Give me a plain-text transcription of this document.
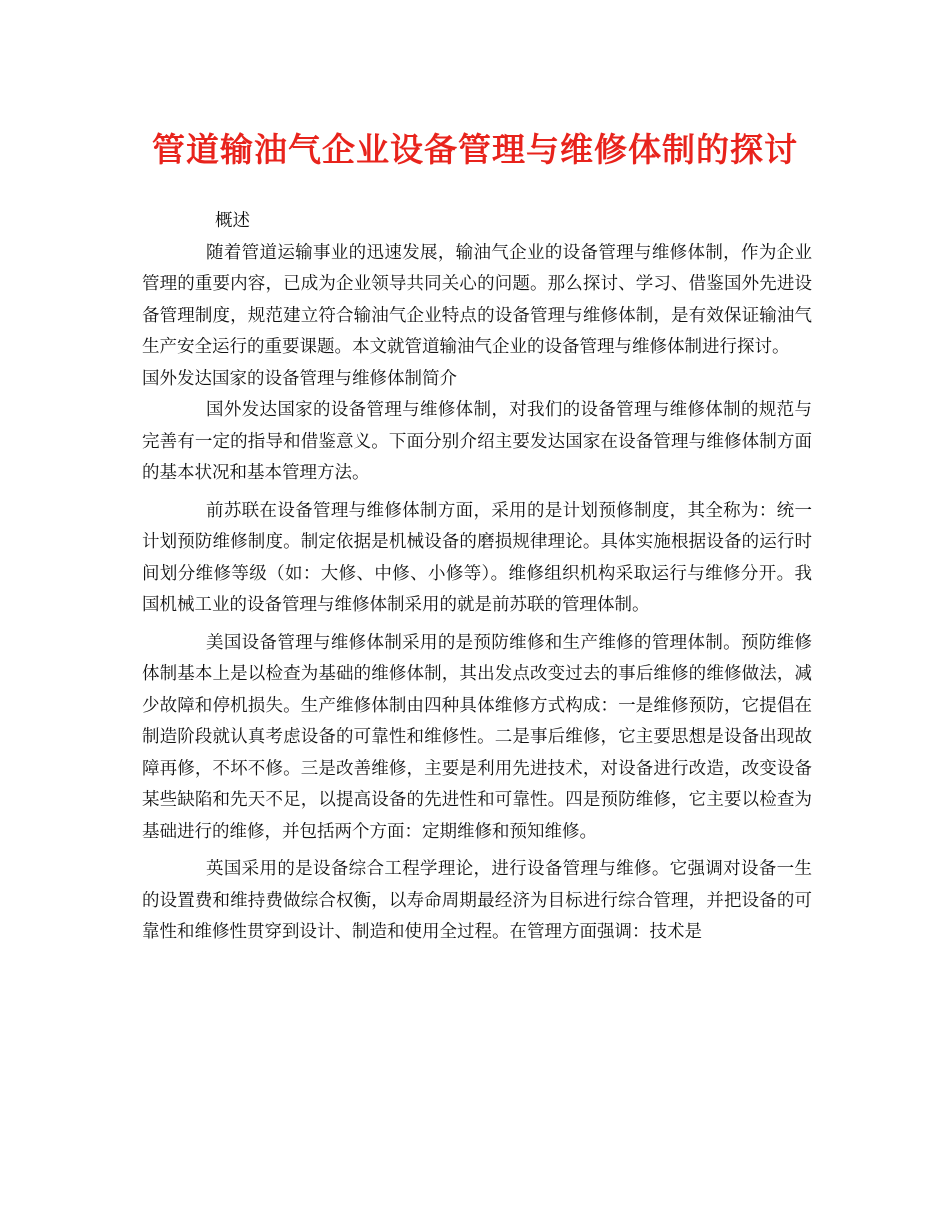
管道输油气企业设备管理与维修体制的探讨

概述

随着管道运输事业的迅速发展，输油气企业的设备管理与维修体制，作为企业管理的重要内容，已成为企业领导共同关心的问题。那么探讨、学习、借鉴国外先进设备管理制度，规范建立符合输油气企业特点的设备管理与维修体制，是有效保证输油气生产安全运行的重要课题。本文就管道输油气企业的设备管理与维修体制进行探讨。

国外发达国家的设备管理与维修体制简介

国外发达国家的设备管理与维修体制，对我们的设备管理与维修体制的规范与完善有一定的指导和借鉴意义。下面分别介绍主要发达国家在设备管理与维修体制方面的基本状况和基本管理方法。

前苏联在设备管理与维修体制方面，采用的是计划预修制度，其全称为：统一计划预防维修制度。制定依据是机械设备的磨损规律理论。具体实施根据设备的运行时间划分维修等级（如：大修、中修、小修等）。维修组织机构采取运行与维修分开。我国机械工业的设备管理与维修体制采用的就是前苏联的管理体制。

美国设备管理与维修体制采用的是预防维修和生产维修的管理体制。预防维修体制基本上是以检查为基础的维修体制，其出发点改变过去的事后维修的维修做法，减少故障和停机损失。生产维修体制由四种具体维修方式构成：一是维修预防，它提倡在制造阶段就认真考虑设备的可靠性和维修性。二是事后维修，它主要思想是设备出现故障再修，不坏不修。三是改善维修，主要是利用先进技术，对设备进行改造，改变设备某些缺陷和先天不足，以提高设备的先进性和可靠性。四是预防维修，它主要以检查为基础进行的维修，并包括两个方面：定期维修和预知维修。

英国采用的是设备综合工程学理论，进行设备管理与维修。它强调对设备一生的设置费和维持费做综合权衡，以寿命周期最经济为目标进行综合管理，并把设备的可靠性和维修性贯穿到设计、制造和使用全过程。在管理方面强调：技术是
